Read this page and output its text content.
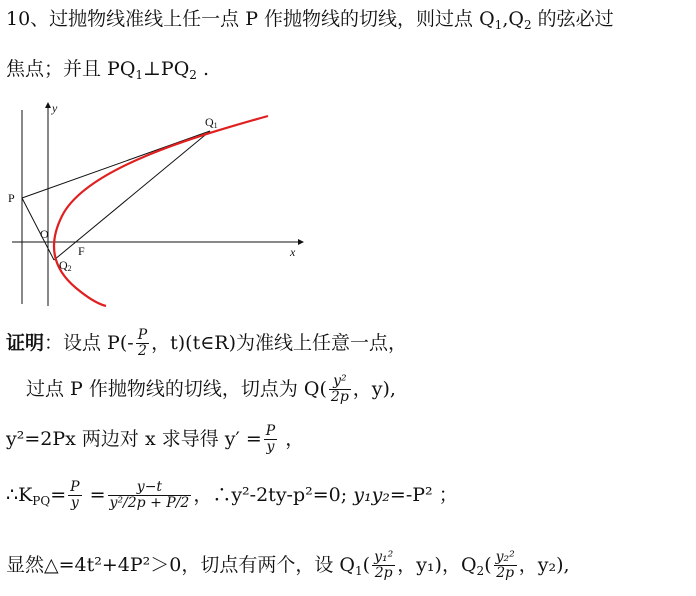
10、过抛物线准线上任一点 P 作抛物线的切线，则过点 $Q_1,Q_2$ 的弦必过
焦点；并且 $PQ_1\perp PQ_2$ .
y
x
P
O
F
Q1
Q2
证明：设点 $P(- \frac{P}{2}$ ，t)(t∈R)为准线上任意一点，
过点 P 作抛物线的切线，切点为 $Q( \frac{\text{y²}}{2p}$ ，y),
y²=2Px 两边对 x 求导得 $y' = \frac{P}{y}$ ，
$\therefore K_{PQ}= \frac{P}{y} = \frac{y-t}{\text{y²/2p + P/2}}$ ，∴y²-2ty-p²=0; y₁y₂=-P² ；
显然△=4t²+4P²＞0，切点有两个，设 $Q_1( \frac{\text{y₁²}}{2p}$ ，y₁)，$Q_2( \frac{\text{y₂²}}{2p}$ ，y₂),
